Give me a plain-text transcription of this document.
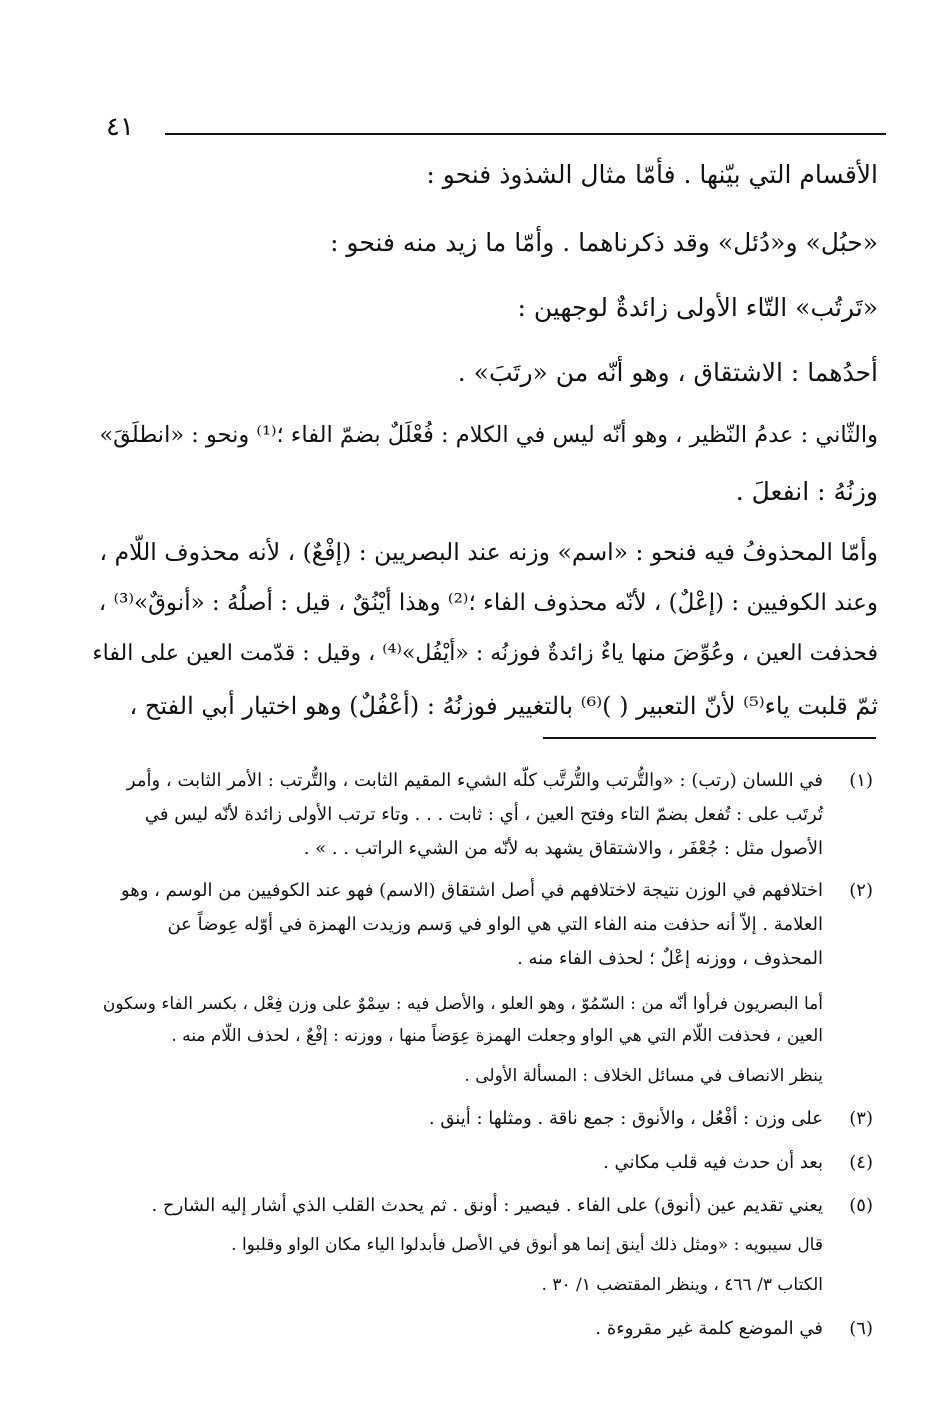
٤١
الأقسام التي بيّنها . فأمّا مثال الشذوذ فنحو :
«حبُل» و«دُئل» وقد ذكرناهما . وأمّا ما زيد منه فنحو :
«تَرتُب» التّاء الأولى زائدةٌ لوجهين :
أحدُهما : الاشتقاق ، وهو أنّه من «رتَبَ» .
والثّاني : عدمُ النّظير ، وهو أنّه ليس في الكلام : فُعْلَلٌ بضمّ الفاء ؛⁽¹⁾ ونحو : «انطلَقَ»
وزنُهُ : انفعلَ .
وأمّا المحذوفُ فيه فنحو : «اسم» وزنه عند البصريين : (إفْعٌ) ، لأنه محذوف اللّام ،
وعند الكوفيين : (إعْلٌ) ، لأنّه محذوف الفاء ؛⁽²⁾ وهذا أيْنُقٌ ، قيل : أصلُهُ : «أنوقٌ»⁽³⁾ ،
فحذفت العين ، وعُوِّضَ منها ياءٌ زائدةٌ فوزنُه : «أيْفُل»⁽⁴⁾ ، وقيل : قدّمت العين على الفاء
ثمّ قلبت ياء⁽⁵⁾ لأنّ التعبير ( )⁽⁶⁾ بالتغيير فوزنُهُ : (أعْفُلٌ) وهو اختيار أبي الفتح ،
(١)
في اللسان (رتب) : «والتُّرتب والتُّرتَّب كلّه الشيء المقيم الثابت ، والتُّرتب : الأمر الثابت ، وأمر
تُرتَب على : تُفعل بضمّ التاء وفتح العين ، أي : ثابت . . . وتاء ترتب الأولى زائدة لأنّه ليس في
الأصول مثل : جُعْفَر ، والاشتقاق يشهد به لأنّه من الشيء الراتب . . » .
(٢)
اختلافهم في الوزن نتيجة لاختلافهم في أصل اشتقاق (الاسم) فهو عند الكوفيين من الوسم ، وهو
العلامة . إلاّ أنه حذفت منه الفاء التي هي الواو في وَسم وزيدت الهمزة في أوّله عِوضاً عن
المحذوف ، ووزنه إعْلٌ ؛ لحذف الفاء منه .
أما البصريون فرأوا أنّه من : السّمُوّ ، وهو العلو ، والأصل فيه : سِمْوٌ على وزن فِعْل ، بكسر الفاء وسكون
العين ، فحذفت اللّام التي هي الواو وجعلت الهمزة عِوَضاً منها ، ووزنه : إفْعٌ ، لحذف اللّام منه .
ينظر الانصاف في مسائل الخلاف : المسألة الأولى .
(٣)
على وزن : أفْعُل ، والأنوق : جمع ناقة . ومثلها : أينق .
(٤)
بعد أن حدث فيه قلب مكاني .
(٥)
يعني تقديم عين (أنوق) على الفاء . فيصير : أونق . ثم يحدث القلب الذي أشار إليه الشارح .
قال سيبويه : «ومثل ذلك أينق إنما هو أنوق في الأصل فأبدلوا الياء مكان الواو وقلبوا .
الكتاب ٣/ ٤٦٦ ، وينظر المقتضب ١/ ٣٠ .
(٦)
في الموضع كلمة غير مقروءة .
